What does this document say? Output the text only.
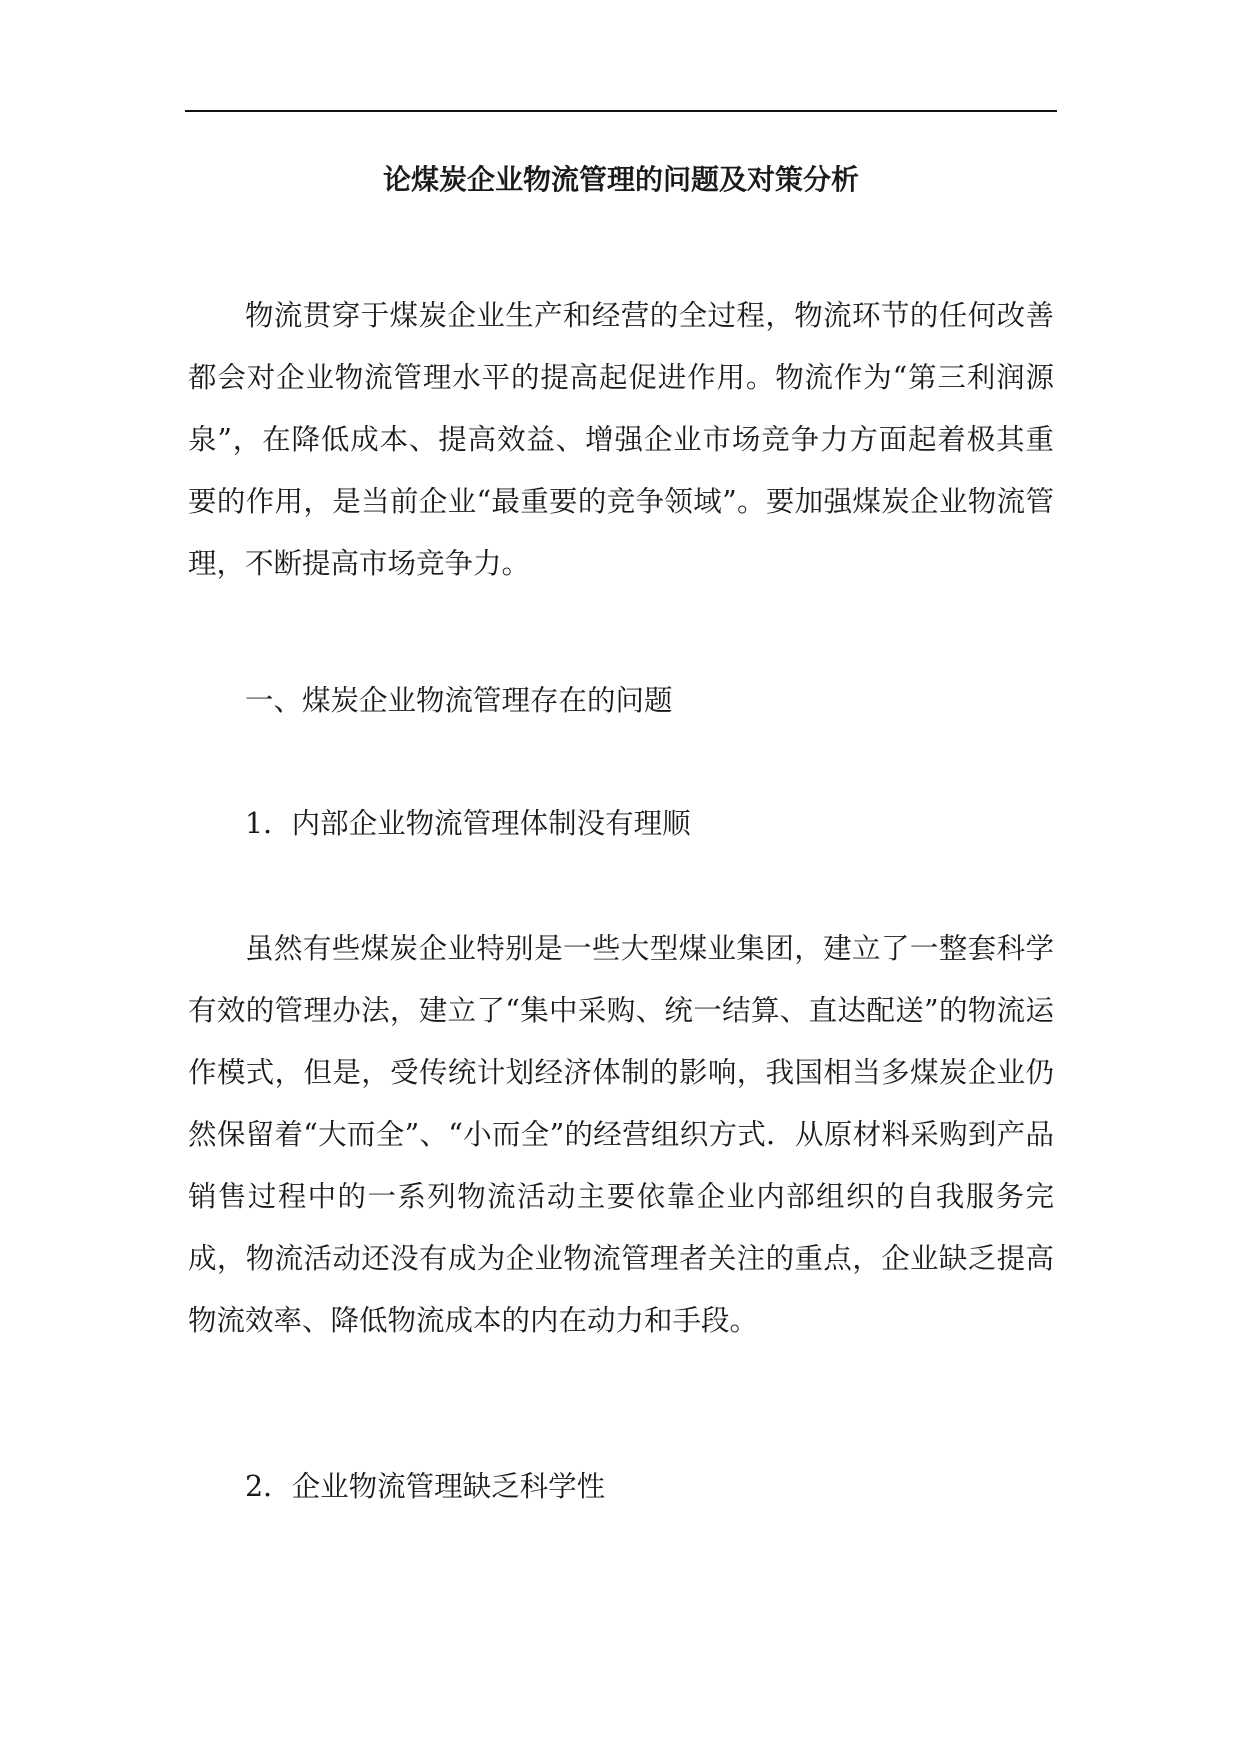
论煤炭企业物流管理的问题及对策分析

物流贯穿于煤炭企业生产和经营的全过程，物流环节的任何改善都会对企业物流管理水平的提高起促进作用。物流作为“第三利润源泉”，在降低成本、提高效益、增强企业市场竞争力方面起着极其重要的作用，是当前企业“最重要的竞争领域”。要加强煤炭企业物流管理，不断提高市场竞争力。

一、煤炭企业物流管理存在的问题
1．内部企业物流管理体制没有理顺

虽然有些煤炭企业特别是一些大型煤业集团，建立了一整套科学有效的管理办法，建立了“集中采购、统一结算、直达配送”的物流运作模式，但是，受传统计划经济体制的影响，我国相当多煤炭企业仍然保留着“大而全”、“小而全”的经营组织方式．从原材料采购到产品销售过程中的一系列物流活动主要依靠企业内部组织的自我服务完成，物流活动还没有成为企业物流管理者关注的重点，企业缺乏提高物流效率、降低物流成本的内在动力和手段。

2．企业物流管理缺乏科学性
